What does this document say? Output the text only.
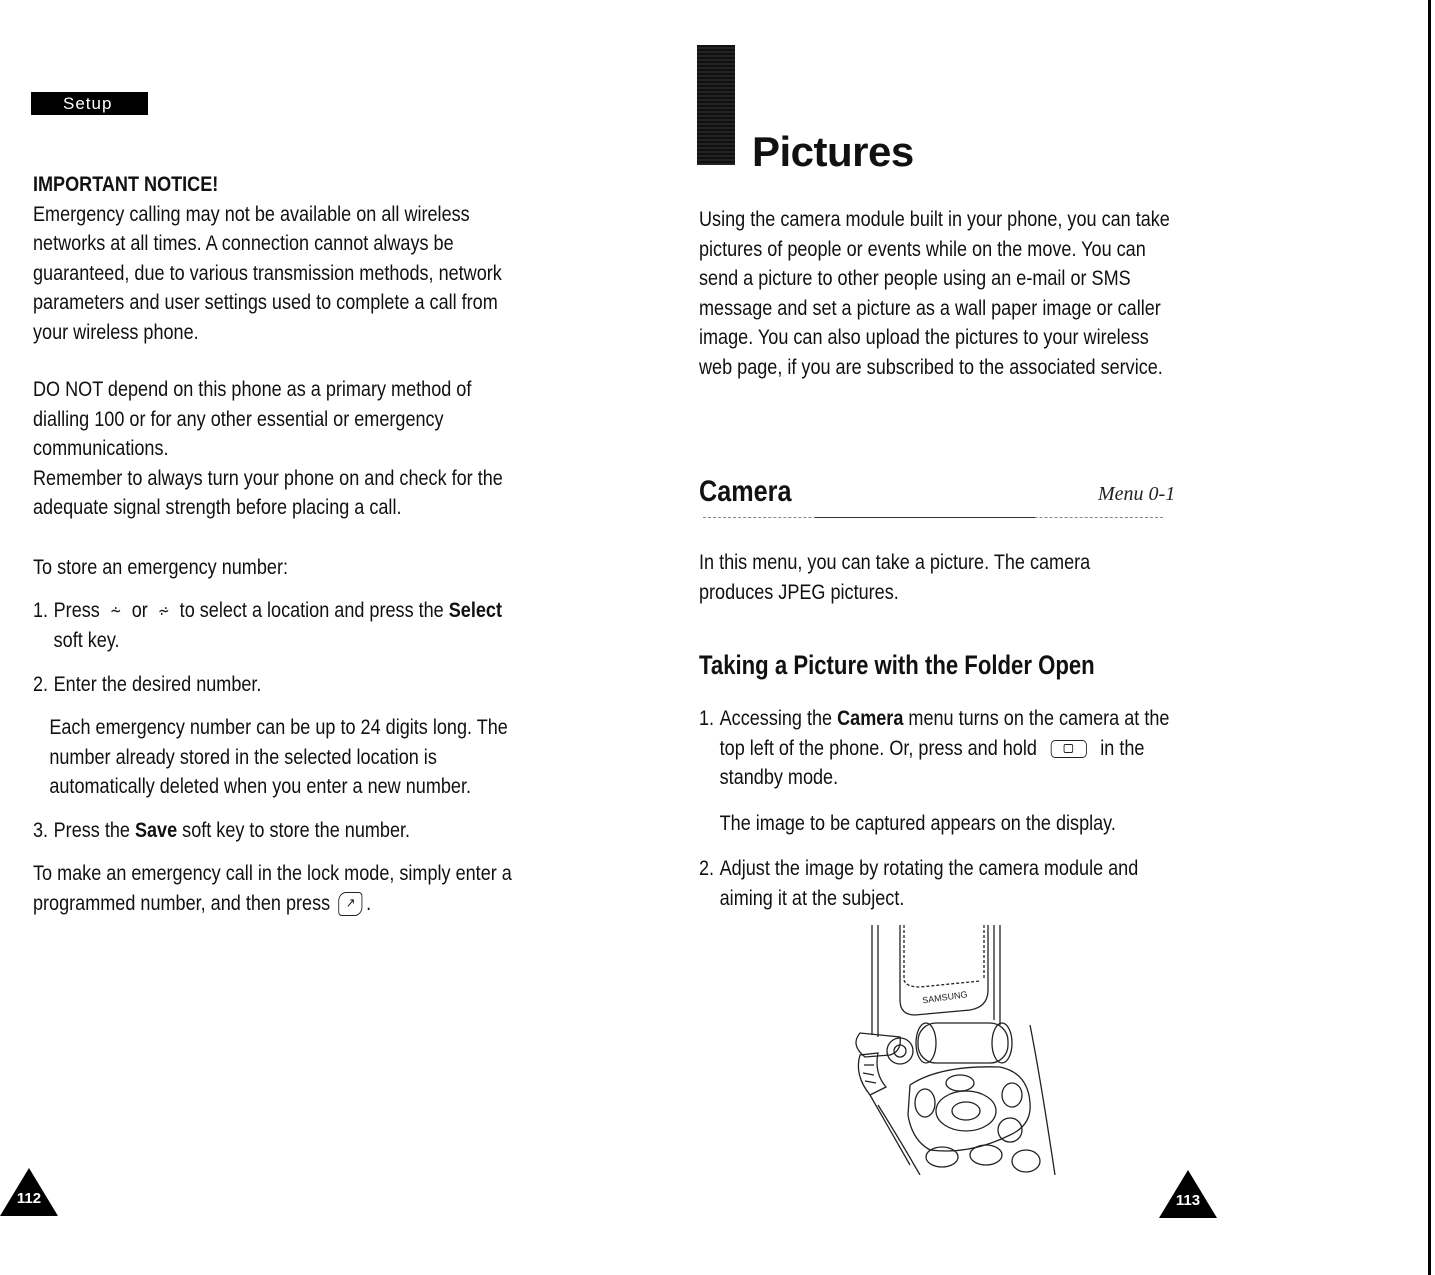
Setup

IMPORTANT NOTICE!

Emergency calling may not be available on all wireless networks at all times. A connection cannot always be guaranteed, due to various transmission methods, network parameters and user settings used to complete a call from your wireless phone.

DO NOT depend on this phone as a primary method of dialling 100 or for any other essential or emergency communications.

Remember to always turn your phone on and check for the adequate signal strength before placing a call.

To store an emergency number:

1. Press ⩪ or ⩫ to select a location and press the Select soft key.
2. Enter the desired number.

Each emergency number can be up to 24 digits long. The number already stored in the selected location is automatically deleted when you enter a new number.

3. Press the Save soft key to store the number.

To make an emergency call in the lock mode, simply enter a programmed number, and then press ↗ .

112
Pictures

Using the camera module built in your phone, you can take pictures of people or events while on the move. You can send a picture to other people using an e-mail or SMS message and set a picture as a wall paper image or caller image. You can also upload the pictures to your wireless web page, if you are subscribed to the associated service.

Camera	Menu 0-1

In this menu, you can take a picture. The camera produces JPEG pictures.

Taking a Picture with the Folder Open
1. Accessing the Camera menu turns on the camera at the top left of the phone. Or, press and hold	in the standby mode.

The image to be captured appears on the display.

2. Adjust the image by rotating the camera module and aiming it at the subject.
SAMSUNG
113
